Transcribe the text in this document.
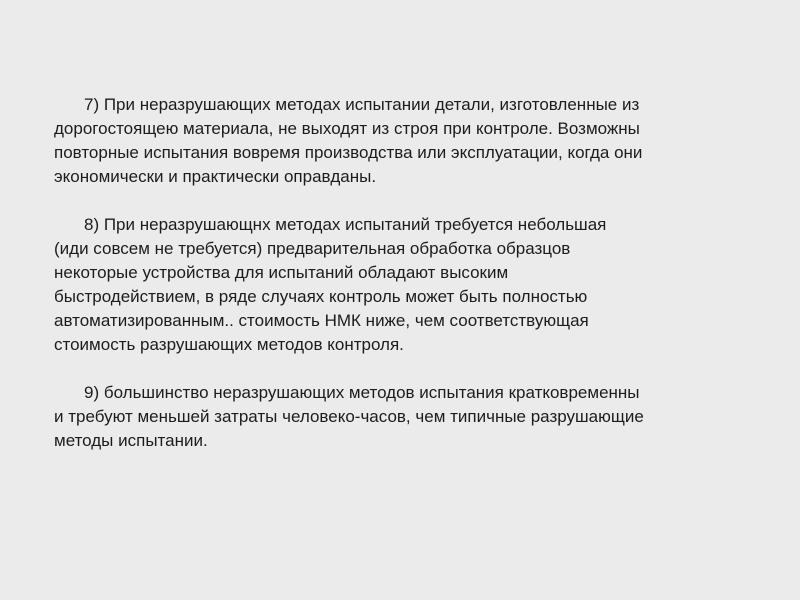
7) При неразрушающих методах испытании детали, изготовленные из
дорогостоящею материала, не выходят из строя при контроле. Возможны
повторные испытания вовремя производства или эксплуатации, когда они
экономически и практически оправданы.

8) При неразрушающнх методах испытаний требуется небольшая
(иди совсем не требуется) предварительная обработка образцов
некоторые устройства для испытаний обладают высоким
быстродействием, в ряде случаях контроль может быть полностью
автоматизированным.. стоимость НМК ниже, чем соответствующая
стоимость разрушающих методов контроля.

9) большинство неразрушающих методов испытания кратковременны
и требуют меньшей затраты человеко-часов, чем типичные разрушающие
методы испытании.
